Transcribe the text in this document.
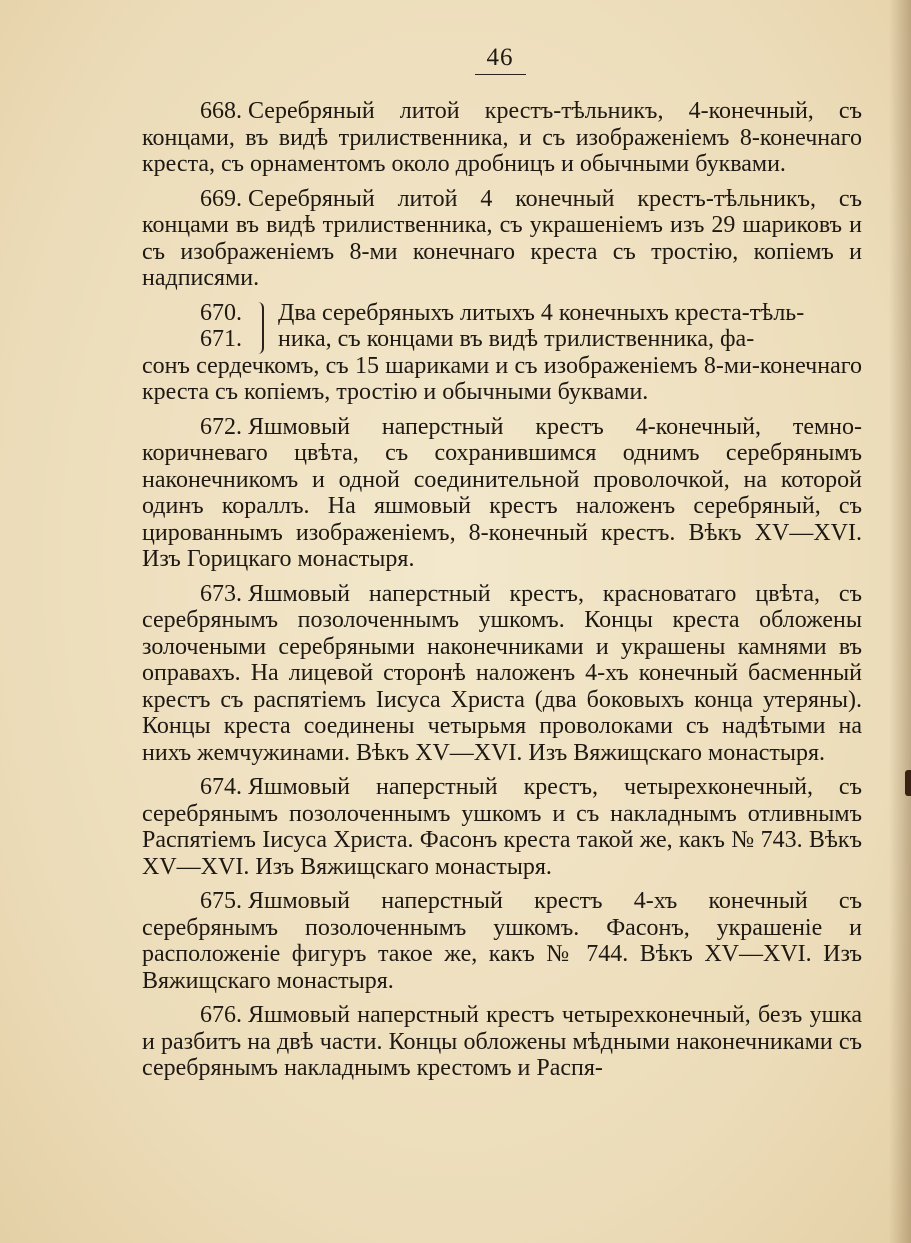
46

668. Серебряный литой крестъ-тѣльникъ, 4-конечный, съ концами, въ видѣ трилиственника, и съ изображеніемъ 8-конечнаго креста, съ орнаментомъ около дробницъ и обычными буквами.

669. Серебряный литой 4 конечный крестъ-тѣльникъ, съ концами въ видѣ трилиственника, съ украшеніемъ изъ 29 шариковъ и съ изображеніемъ 8-ми конечнаго креста съ тростію, копіемъ и надписями.

670.
671.
Два серебряныхъ литыхъ 4 конечныхъ креста-тѣль-
ника, съ концами въ видѣ трилиственника, фа-

сонъ сердечкомъ, съ 15 шариками и съ изображеніемъ 8-ми-конечнаго креста съ копіемъ, тростію и обычными буквами.

672. Яшмовый наперстный крестъ 4-конечный, темно-коричневаго цвѣта, съ сохранившимся однимъ серебрянымъ наконечникомъ и одной соединительной проволочкой, на которой одинъ кораллъ. На яшмовый крестъ наложенъ серебряный, съ цированнымъ изображеніемъ, 8-конечный крестъ. Вѣкъ XV—XVI. Изъ Горицкаго монастыря.

673. Яшмовый наперстный крестъ, красноватаго цвѣта, съ серебрянымъ позолоченнымъ ушкомъ. Концы креста обложены золочеными серебряными наконечниками и украшены камнями въ оправахъ. На лицевой сторонѣ наложенъ 4-хъ конечный басменный крестъ съ распятіемъ Іисуса Христа (два боковыхъ конца утеряны). Концы креста соединены четырьмя проволоками съ надѣтыми на нихъ жемчужинами. Вѣкъ XV—XVI. Изъ Вяжищскаго монастыря.

674. Яшмовый наперстный крестъ, четырехконечный, съ серебрянымъ позолоченнымъ ушкомъ и съ накладнымъ отливнымъ Распятіемъ Іисуса Христа. Фасонъ креста такой же, какъ № 743. Вѣкъ XV—XVI. Изъ Вяжищскаго монастыря.

675. Яшмовый наперстный крестъ 4-хъ конечный съ серебрянымъ позолоченнымъ ушкомъ. Фасонъ, украшеніе и расположеніе фигуръ такое же, какъ № 744. Вѣкъ XV—XVI. Изъ Вяжищскаго монастыря.

676. Яшмовый наперстный крестъ четырехконечный, безъ ушка и разбитъ на двѣ части. Концы обложены мѣдными наконечниками съ серебрянымъ накладнымъ крестомъ и Распя-
